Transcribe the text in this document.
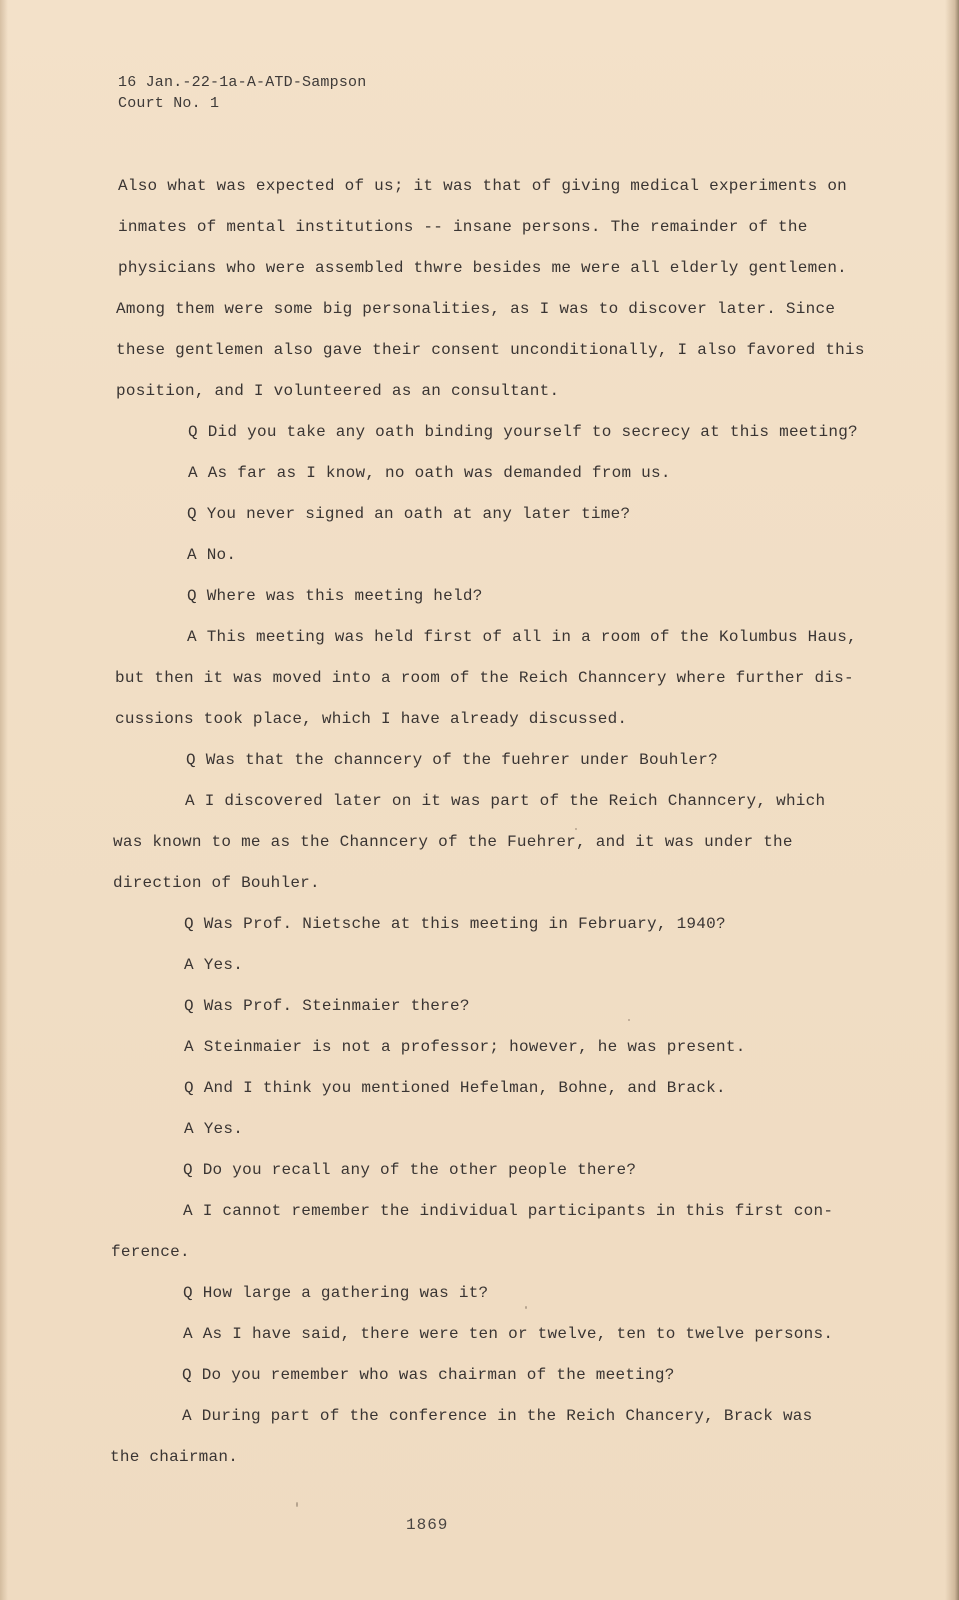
16 Jan.-22-1a-A-ATD-Sampson
Court No. 1
Also what was expected of us; it was that of giving medical experiments on
inmates of mental institutions -- insane persons. The remainder of the
physicians who were assembled thwre besides me were all elderly gentlemen.
Among them were some big personalities, as I was to discover later. Since
these gentlemen also gave their consent unconditionally, I also favored this
position, and I volunteered as an consultant.
Q Did you take any oath binding yourself to secrecy at this meeting?
A As far as I know, no oath was demanded from us.
Q You never signed an oath at any later time?
A No.
Q Where was this meeting held?
A This meeting was held first of all in a room of the Kolumbus Haus,
but then it was moved into a room of the Reich Channcery where further dis-
cussions took place, which I have already discussed.
Q Was that the channcery of the fuehrer under Bouhler?
A I discovered later on it was part of the Reich Channcery, which
was known to me as the Channcery of the Fuehrer, and it was under the
direction of Bouhler.
Q Was Prof. Nietsche at this meeting in February, 1940?
A Yes.
Q Was Prof. Steinmaier there?
A Steinmaier is not a professor; however, he was present.
Q And I think you mentioned Hefelman, Bohne, and Brack.
A Yes.
Q Do you recall any of the other people there?
A I cannot remember the individual participants in this first con-
ference.
Q How large a gathering was it?
A As I have said, there were ten or twelve, ten to twelve persons.
Q Do you remember who was chairman of the meeting?
A During part of the conference in the Reich Chancery, Brack was
the chairman.
1869
